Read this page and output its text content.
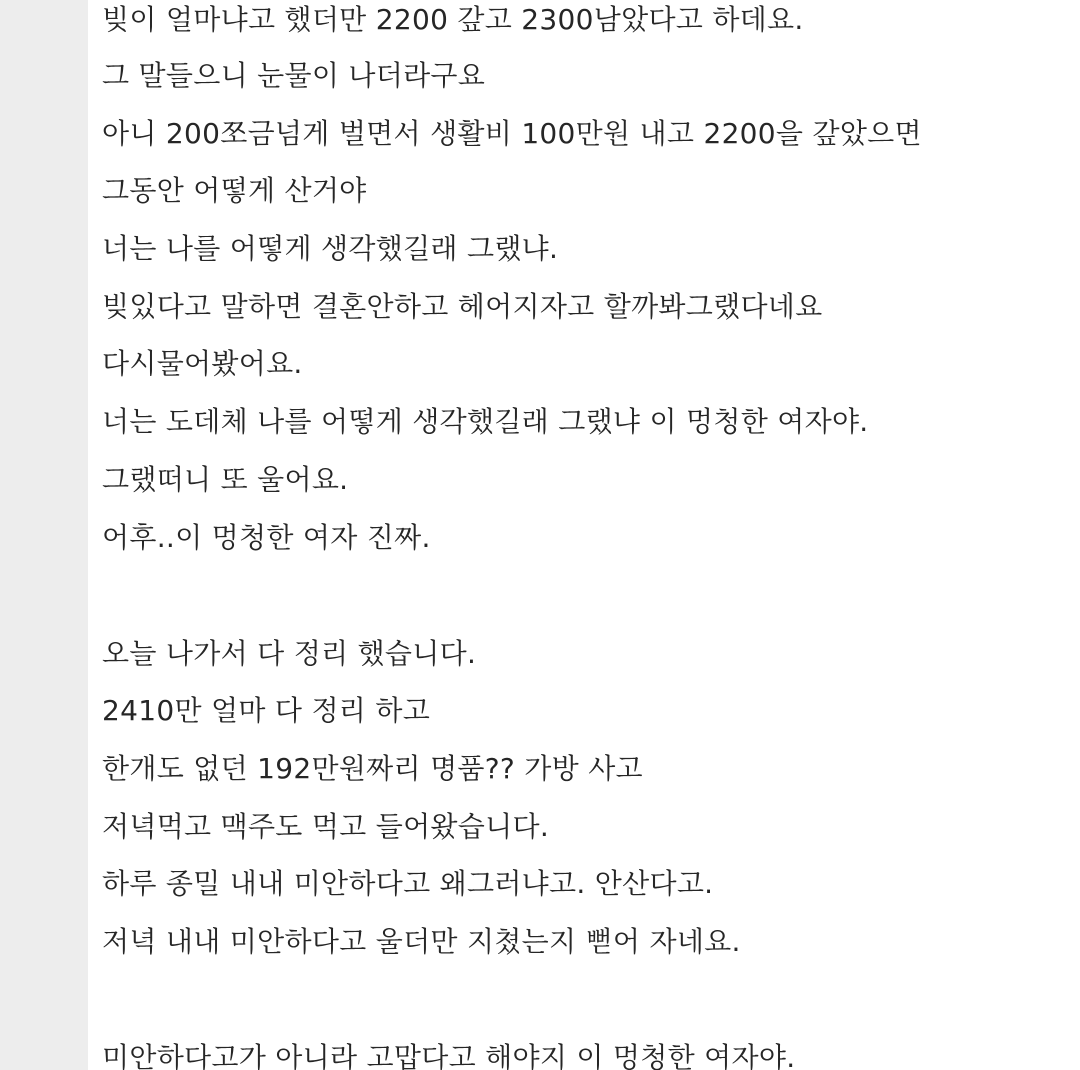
빚이 얼마냐고 했더만 2200 갚고 2300남았다고 하데요.
그 말들으니 눈물이 나더라구요
아니 200쪼금넘게 벌면서 생활비 100만원 내고 2200을 갚았으면
그동안 어떻게 산거야
너는 나를 어떻게 생각했길래 그랬냐.
빚있다고 말하면 결혼안하고 헤어지자고 할까봐그랬다네요
다시물어봤어요.
너는 도데체 나를 어떻게 생각했길래 그랬냐 이 멍청한 여자야.
그랬떠니 또 울어요.
어후..이 멍청한 여자 진짜.
오늘 나가서 다 정리 했습니다.
2410만 얼마 다 정리 하고
한개도 없던 192만원짜리 명품?? 가방 사고
저녁먹고 맥주도 먹고 들어왔습니다.
하루 종밀 내내 미안하다고 왜그러냐고. 안산다고.
저녁 내내 미안하다고 울더만 지쳤는지 뻗어 자네요.
미안하다고가 아니라 고맙다고 해야지 이 멍청한 여자야.
